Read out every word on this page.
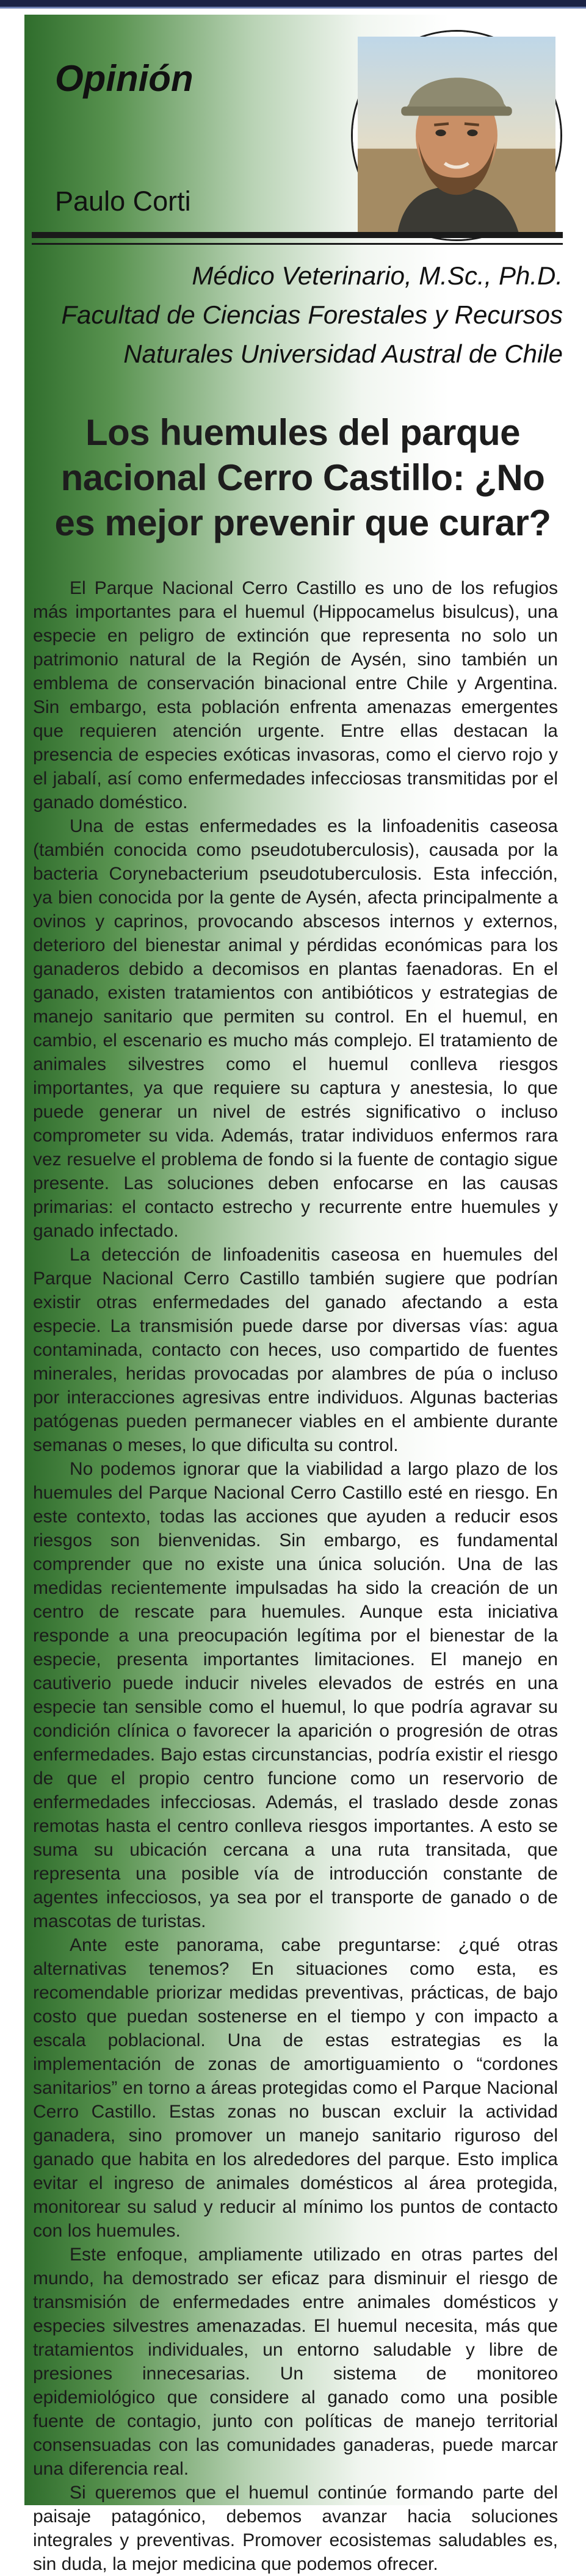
Opinión
Paulo Corti
Médico Veterinario, M.Sc., Ph.D.
Facultad de Ciencias Forestales y Recursos
Naturales Universidad Austral de Chile
Los huemules del parque nacional Cerro Castillo: ¿No es mejor prevenir que curar?

El Parque Nacional Cerro Castillo es uno de los refugios más importantes para el huemul (Hippocamelus bisulcus), una especie en peligro de extinción que representa no solo un patrimonio natural de la Región de Aysén, sino también un emblema de conservación binacional entre Chile y Argentina. Sin embargo, esta población enfrenta amenazas emergentes que requieren atención urgente. Entre ellas destacan la presencia de especies exóticas invasoras, como el ciervo rojo y el jabalí, así como enfermedades infecciosas transmitidas por el ganado doméstico.

Una de estas enfermedades es la linfoadenitis caseosa (también conocida como pseudotuberculosis), causada por la bacteria Corynebacterium pseudotuberculosis. Esta infección, ya bien conocida por la gente de Aysén, afecta principalmente a ovinos y caprinos, provocando abscesos internos y externos, deterioro del bienestar animal y pérdidas económicas para los ganaderos debido a decomisos en plantas faenadoras. En el ganado, existen tratamientos con antibióticos y estrategias de manejo sanitario que permiten su control. En el huemul, en cambio, el escenario es mucho más complejo. El tratamiento de animales silvestres como el huemul conlleva riesgos importantes, ya que requiere su captura y anestesia, lo que puede generar un nivel de estrés significativo o incluso comprometer su vida. Además, tratar individuos enfermos rara vez resuelve el problema de fondo si la fuente de contagio sigue presente. Las soluciones deben enfocarse en las causas primarias: el contacto estrecho y recurrente entre huemules y ganado infectado.

La detección de linfoadenitis caseosa en huemules del Parque Nacional Cerro Castillo también sugiere que podrían existir otras enfermedades del ganado afectando a esta especie. La transmisión puede darse por diversas vías: agua contaminada, contacto con heces, uso compartido de fuentes minerales, heridas provocadas por alambres de púa o incluso por interacciones agresivas entre individuos. Algunas bacterias patógenas pueden permanecer viables en el ambiente durante semanas o meses, lo que dificulta su control.

No podemos ignorar que la viabilidad a largo plazo de los huemules del Parque Nacional Cerro Castillo esté en riesgo. En este contexto, todas las acciones que ayuden a reducir esos riesgos son bienvenidas. Sin embargo, es fundamental comprender que no existe una única solución. Una de las medidas recientemente impulsadas ha sido la creación de un centro de rescate para huemules. Aunque esta iniciativa responde a una preocupación legítima por el bienestar de la especie, presenta importantes limitaciones. El manejo en cautiverio puede inducir niveles elevados de estrés en una especie tan sensible como el huemul, lo que podría agravar su condición clínica o favorecer la aparición o progresión de otras enfermedades. Bajo estas circunstancias, podría existir el riesgo de que el propio centro funcione como un reservorio de enfermedades infecciosas. Además, el traslado desde zonas remotas hasta el centro conlleva riesgos importantes. A esto se suma su ubicación cercana a una ruta transitada, que representa una posible vía de introducción constante de agentes infecciosos, ya sea por el transporte de ganado o de mascotas de turistas.

Ante este panorama, cabe preguntarse: ¿qué otras alternativas tenemos? En situaciones como esta, es recomendable priorizar medidas preventivas, prácticas, de bajo costo que puedan sostenerse en el tiempo y con impacto a escala poblacional. Una de estas estrategias es la implementación de zonas de amortiguamiento o “cordones sanitarios” en torno a áreas protegidas como el Parque Nacional Cerro Castillo. Estas zonas no buscan excluir la actividad ganadera, sino promover un manejo sanitario riguroso del ganado que habita en los alrededores del parque. Esto implica evitar el ingreso de animales domésticos al área protegida, monitorear su salud y reducir al mínimo los puntos de contacto con los huemules.

Este enfoque, ampliamente utilizado en otras partes del mundo, ha demostrado ser eficaz para disminuir el riesgo de transmisión de enfermedades entre animales domésticos y especies silvestres amenazadas. El huemul necesita, más que tratamientos individuales, un entorno saludable y libre de presiones innecesarias. Un sistema de monitoreo epidemiológico que considere al ganado como una posible fuente de contagio, junto con políticas de manejo territorial consensuadas con las comunidades ganaderas, puede marcar una diferencia real.

Si queremos que el huemul continúe formando parte del paisaje patagónico, debemos avanzar hacia soluciones integrales y preventivas. Promover ecosistemas saludables es, sin duda, la mejor medicina que podemos ofrecer.
